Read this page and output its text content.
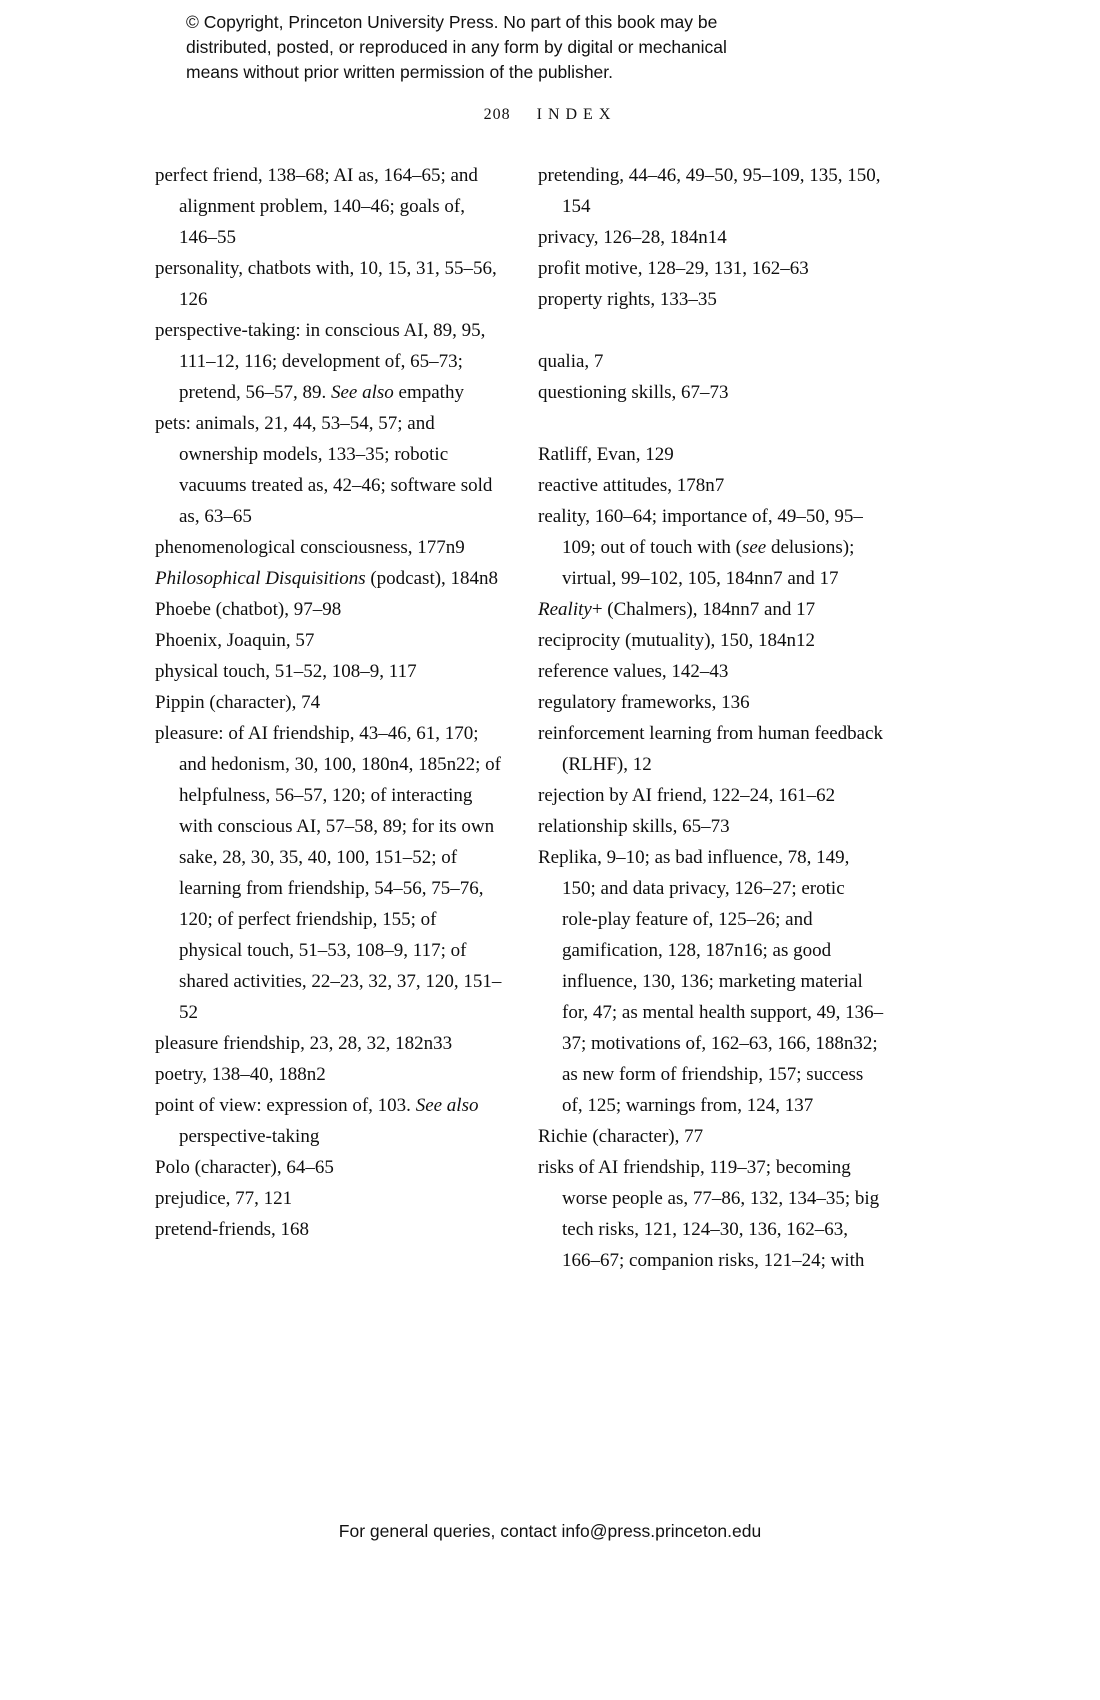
© Copyright, Princeton University Press. No part of this book may be
distributed, posted, or reproduced in any form by digital or mechanical
means without prior written permission of the publisher.
208 INDEX

perfect friend, 138–68; AI as, 164–65; and alignment problem, 140–46; goals of, 146–55

personality, chatbots with, 10, 15, 31, 55–56, 126

perspective-taking: in conscious AI, 89, 95, 111–12, 116; development of, 65–73; pretend, 56–57, 89. See also empathy

pets: animals, 21, 44, 53–54, 57; and ownership models, 133–35; robotic vacuums treated as, 42–46; software sold as, 63–65

phenomenological consciousness, 177n9

Philosophical Disquisitions (podcast), 184n8

Phoebe (chatbot), 97–98

Phoenix, Joaquin, 57

physical touch, 51–52, 108–9, 117

Pippin (character), 74

pleasure: of AI friendship, 43–46, 61, 170; and hedonism, 30, 100, 180n4, 185n22; of helpfulness, 56–57, 120; of interacting with conscious AI, 57–58, 89; for its own sake, 28, 30, 35, 40, 100, 151–52; of learning from friendship, 54–56, 75–76, 120; of perfect friendship, 155; of physical touch, 51–53, 108–9, 117; of shared activities, 22–23, 32, 37, 120, 151–52

pleasure friendship, 23, 28, 32, 182n33

poetry, 138–40, 188n2

point of view: expression of, 103. See also perspective-taking

Polo (character), 64–65

prejudice, 77, 121

pretend-friends, 168

pretending, 44–46, 49–50, 95–109, 135, 150, 154

privacy, 126–28, 184n14

profit motive, 128–29, 131, 162–63

property rights, 133–35

qualia, 7

questioning skills, 67–73

Ratliff, Evan, 129

reactive attitudes, 178n7

reality, 160–64; importance of, 49–50, 95–109; out of touch with (see delusions); virtual, 99–102, 105, 184nn7 and 17

Reality+ (Chalmers), 184nn7 and 17

reciprocity (mutuality), 150, 184n12

reference values, 142–43

regulatory frameworks, 136

reinforcement learning from human feedback (RLHF), 12

rejection by AI friend, 122–24, 161–62

relationship skills, 65–73

Replika, 9–10; as bad influence, 78, 149, 150; and data privacy, 126–27; erotic role-play feature of, 125–26; and gamification, 128, 187n16; as good influence, 130, 136; marketing material for, 47; as mental health support, 49, 136–37; motivations of, 162–63, 166, 188n32; as new form of friendship, 157; success of, 125; warnings from, 124, 137

Richie (character), 77

risks of AI friendship, 119–37; becoming worse people as, 77–86, 132, 134–35; big tech risks, 121, 124–30, 136, 162–63, 166–67; companion risks, 121–24; with

For general queries, contact info@press.princeton.edu
